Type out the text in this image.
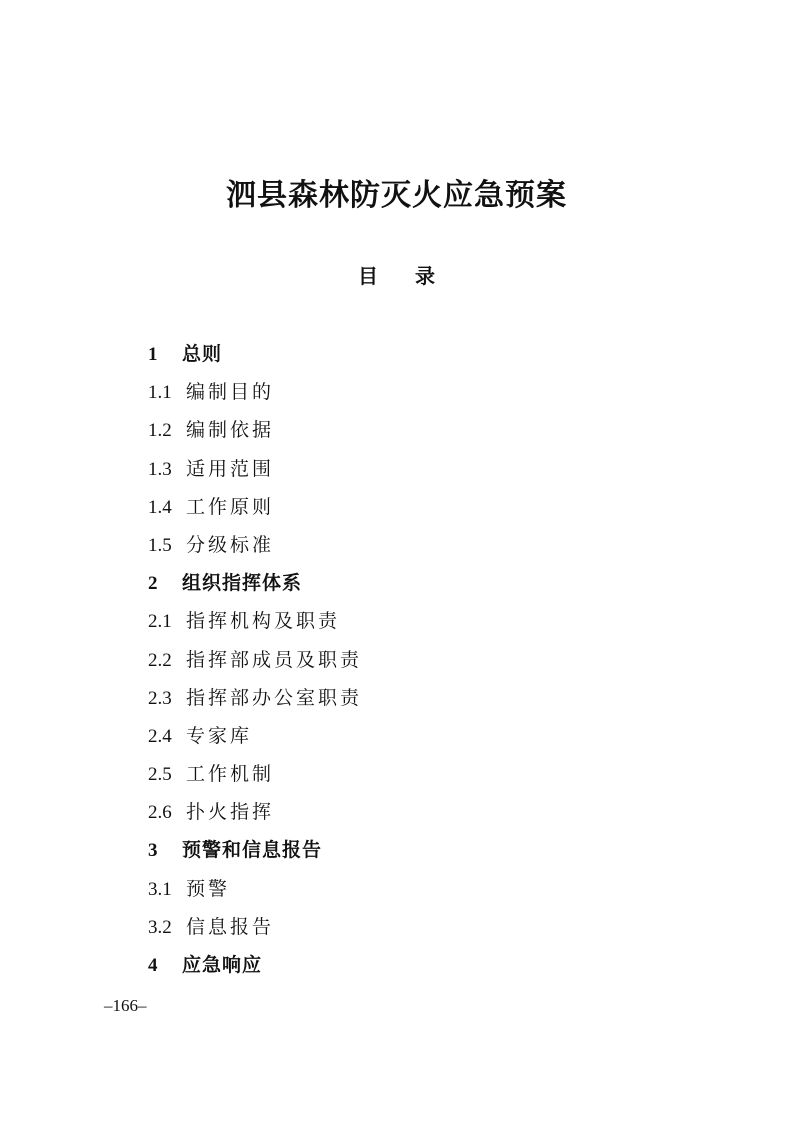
泗县森林防灭火应急预案
目 录
1 总则
1.1 编制目的
1.2 编制依据
1.3 适用范围
1.4 工作原则
1.5 分级标准
2 组织指挥体系
2.1 指挥机构及职责
2.2 指挥部成员及职责
2.3 指挥部办公室职责
2.4 专家库
2.5 工作机制
2.6 扑火指挥
3 预警和信息报告
3.1 预警
3.2 信息报告
4 应急响应
–166–
